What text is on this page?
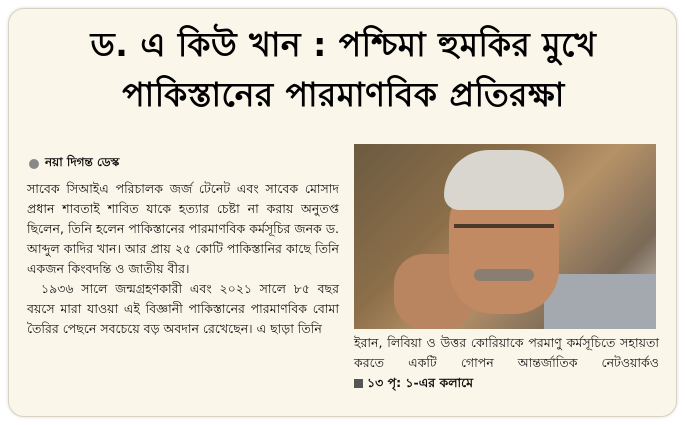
ড. এ কিউ খান : পশ্চিমা হুমকির মুখে
পাকিস্তানের পারমাণবিক প্রতিরক্ষা
নয়া দিগন্ত ডেস্ক

সাবেক সিআইএ পরিচালক জর্জ টেনেট এবং সাবেক মোসাদ প্রধান শাবতাই শাবিত যাকে হত্যার চেষ্টা না করায় অনুতপ্ত ছিলেন, তিনি হলেন পাকিস্তানের পারমাণবিক কর্মসূচির জনক ড. আব্দুল কাদির খান। আর প্রায় ২৫ কোটি পাকিস্তানির কাছে তিনি একজন কিংবদন্তি ও জাতীয় বীর।

১৯৩৬ সালে জন্মগ্রহণকারী এবং ২০২১ সালে ৮৫ বছর বয়সে মারা যাওয়া এই বিজ্ঞানী পাকিস্তানের পারমাণবিক বোমা তৈরির পেছনে সবচেয়ে বড় অবদান রেখেছেন। এ ছাড়া তিনি

ইরান, লিবিয়া ও উত্তর কোরিয়াকে পরমাণু কর্মসূচিতে সহায়তা করতে একটি গোপন আন্তর্জাতিক নেটওয়ার্কও
১৩ পৃ: ১-এর কলামে
